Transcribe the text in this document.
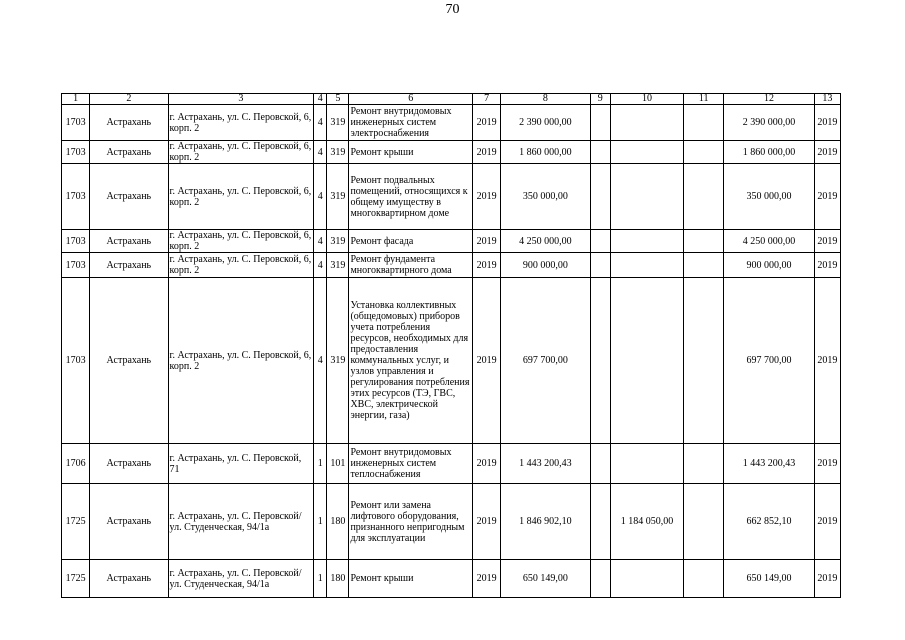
70
1	2	3	4	5	6	7	8	9	10	11	12	13
1703	Астрахань	г. Астрахань, ул. С. Перовской, 6, корп. 2	4	319	Ремонт внутридомовых инженерных систем электроснабжения	2019	2 390 000,00				2 390 000,00	2019
1703	Астрахань	г. Астрахань, ул. С. Перовской, 6, корп. 2	4	319	Ремонт крыши	2019	1 860 000,00				1 860 000,00	2019
1703	Астрахань	г. Астрахань, ул. С. Перовской, 6, корп. 2	4	319	Ремонт подвальных помещений, относящихся к общему имуществу в многоквартирном доме	2019	350 000,00				350 000,00	2019
1703	Астрахань	г. Астрахань, ул. С. Перовской, 6, корп. 2	4	319	Ремонт фасада	2019	4 250 000,00				4 250 000,00	2019
1703	Астрахань	г. Астрахань, ул. С. Перовской, 6, корп. 2	4	319	Ремонт фундамента многоквартирного дома	2019	900 000,00				900 000,00	2019
1703	Астрахань	г. Астрахань, ул. С. Перовской, 6, корп. 2	4	319	Установка коллективных (общедомовых) приборов учета потребления ресурсов, необходимых для предоставления коммунальных услуг, и узлов управления и регулирования потребления этих ресурсов (ТЭ, ГВС, ХВС, электрической энергии, газа)	2019	697 700,00				697 700,00	2019
1706	Астрахань	г. Астрахань, ул. С. Перовской, 71	1	101	Ремонт внутридомовых инженерных систем теплоснабжения	2019	1 443 200,43				1 443 200,43	2019
1725	Астрахань	г. Астрахань, ул. С. Перовской/ ул. Студенческая, 94/1а	1	180	Ремонт или замена лифтового оборудования, признанного непригодным для эксплуатации	2019	1 846 902,10		1 184 050,00		662 852,10	2019
1725	Астрахань	г. Астрахань, ул. С. Перовской/ ул. Студенческая, 94/1а	1	180	Ремонт крыши	2019	650 149,00				650 149,00	2019
